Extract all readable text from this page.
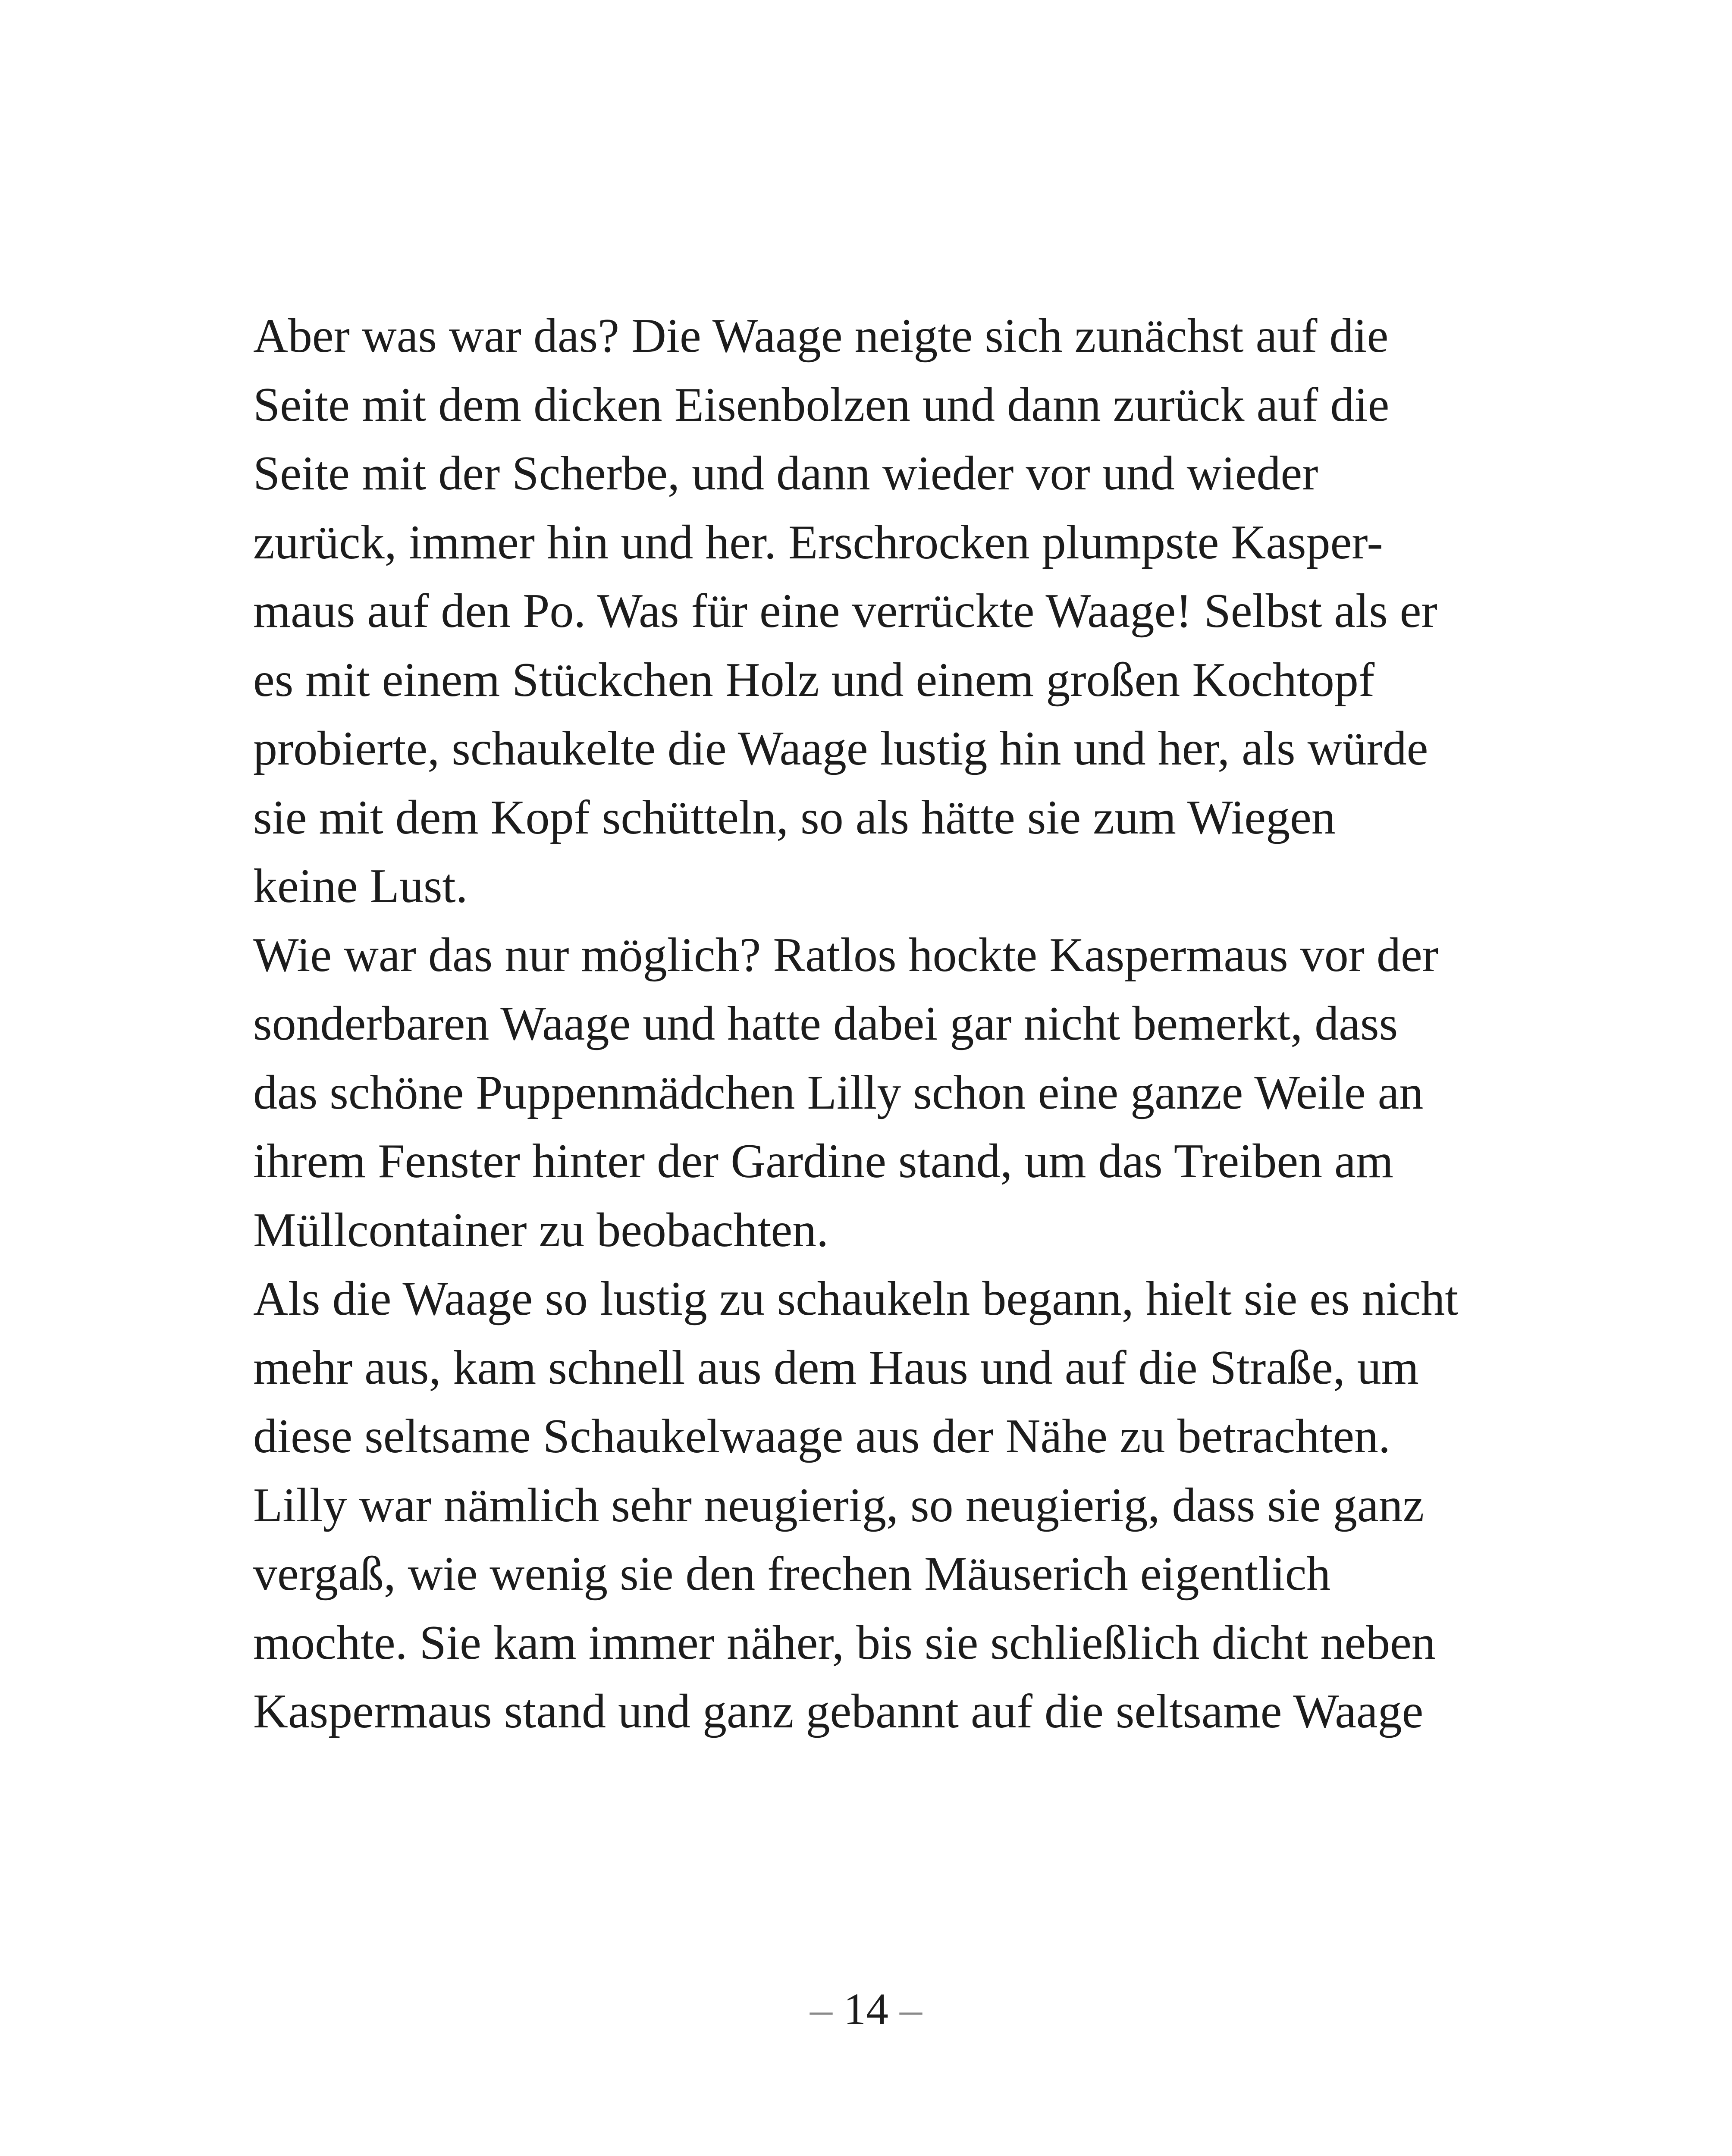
Aber was war das? Die Waage neigte sich zunächst auf die
Seite mit dem dicken Eisenbolzen und dann zurück auf die
Seite mit der Scherbe, und dann wieder vor und wieder
zurück, immer hin und her. Erschrocken plumpste Kasper-
maus auf den Po. Was für eine verrückte Waage! Selbst als er
es mit einem Stückchen Holz und einem großen Kochtopf
probierte, schaukelte die Waage lustig hin und her, als würde
sie mit dem Kopf schütteln, so als hätte sie zum Wiegen
keine Lust.
Wie war das nur möglich? Ratlos hockte Kaspermaus vor der
sonderbaren Waage und hatte dabei gar nicht bemerkt, dass
das schöne Puppenmädchen Lilly schon eine ganze Weile an
ihrem Fenster hinter der Gardine stand, um das Treiben am
Müllcontainer zu beobachten.
Als die Waage so lustig zu schaukeln begann, hielt sie es nicht
mehr aus, kam schnell aus dem Haus und auf die Straße, um
diese seltsame Schaukelwaage aus der Nähe zu betrachten.
Lilly war nämlich sehr neugierig, so neugierig, dass sie ganz
vergaß, wie wenig sie den frechen Mäuserich eigentlich
mochte. Sie kam immer näher, bis sie schließlich dicht neben
Kaspermaus stand und ganz gebannt auf die seltsame Waage
– 14 –
